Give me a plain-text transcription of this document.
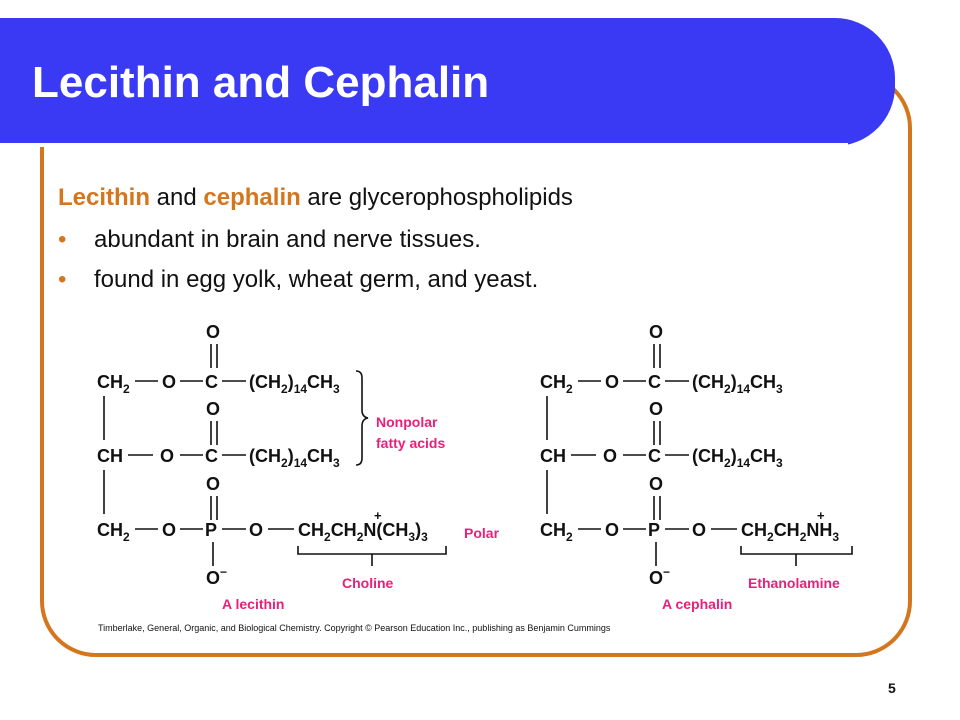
Lecithin and Cephalin

Lecithin and cephalin are glycerophospholipids

• abundant in brain and nerve tissues.
• found in egg yolk, wheat germ, and yeast.
O
O
O
$CH_2$ O C $(CH_2)_{14}CH_3$
CH O C $(CH_2)_{14}CH_3$
$CH_2$ O P O $CH_2CH_2N(CH_3)_3$
+
O−
Nonpolar
fatty acids
Polar
Choline
A lecithin
O
O
O
$CH_2$ O C $(CH_2)_{14}CH_3$
CH O C $(CH_2)_{14}CH_3$
$CH_2$ O P O $CH_2CH_2NH_3$
+
O−
Ethanolamine
A cephalin
Timberlake, General, Organic, and Biological Chemistry. Copyright © Pearson Education Inc., publishing as Benjamin Cummings
5
